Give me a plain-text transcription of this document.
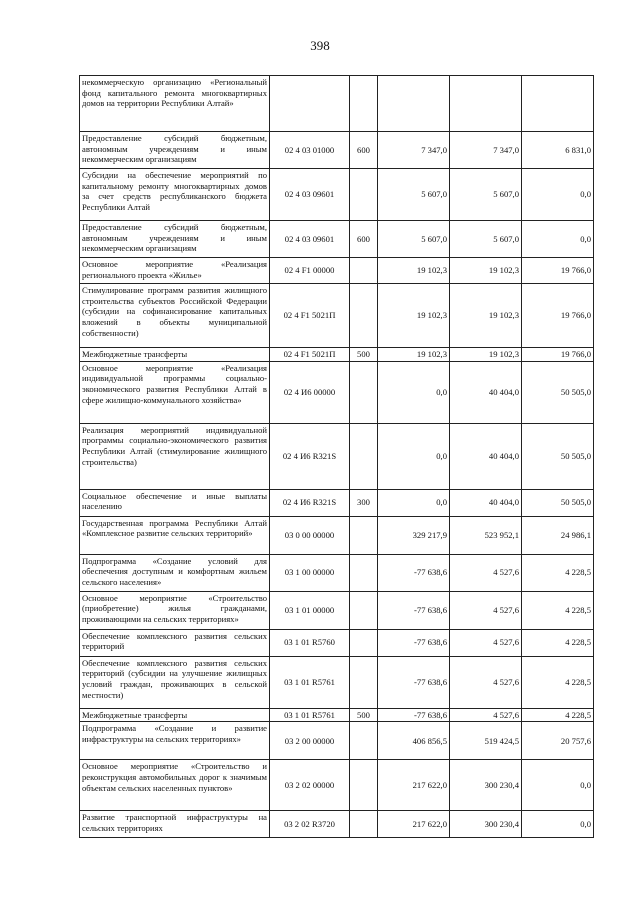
398
некоммерческую организацию «Региональный фонд капитального ремонта многоквартирных домов на территории Республики Алтай»					
Предоставление субсидий бюджетным, автономным учреждениям и иным некоммерческим организациям	02 4 03 01000	600	7 347,0	7 347,0	6 831,0
Субсидии на обеспечение мероприятий по капитальному ремонту многоквартирных домов за счет средств республиканского бюджета Республики Алтай	02 4 03 09601		5 607,0	5 607,0	0,0
Предоставление субсидий бюджетным, автономным учреждениям и иным некоммерческим организациям	02 4 03 09601	600	5 607,0	5 607,0	0,0
Основное мероприятие «Реализация регионального проекта «Жилье»	02 4 F1 00000		19 102,3	19 102,3	19 766,0
Стимулирование программ развития жилищного строительства субъектов Российской Федерации (субсидии на софинансирование капитальных вложений в объекты муниципальной собственности)	02 4 F1 5021П		19 102,3	19 102,3	19 766,0
Межбюджетные трансферты	02 4 F1 5021П	500	19 102,3	19 102,3	19 766,0
Основное мероприятие «Реализация индивидуальной программы социально-экономического развития Республики Алтай в сфере жилищно-коммунального хозяйства»	02 4 И6 00000		0,0	40 404,0	50 505,0
Реализация мероприятий индивидуальной программы социально-экономического развития Республики Алтай (стимулирование жилищного строительства)	02 4 И6 R321S		0,0	40 404,0	50 505,0
Социальное обеспечение и иные выплаты населению	02 4 И6 R321S	300	0,0	40 404,0	50 505,0
Государственная программа Республики Алтай «Комплексное развитие сельских территорий»	03 0 00 00000		329 217,9	523 952,1	24 986,1
Подпрограмма «Создание условий для обеспечения доступным и комфортным жильем сельского населения»	03 1 00 00000		-77 638,6	4 527,6	4 228,5
Основное мероприятие «Строительство (приобретение) жилья гражданами, проживающими на сельских территориях»	03 1 01 00000		-77 638,6	4 527,6	4 228,5
Обеспечение комплексного развития сельских территорий	03 1 01 R5760		-77 638,6	4 527,6	4 228,5
Обеспечение комплексного развития сельских территорий (субсидии на улучшение жилищных условий граждан, проживающих в сельской местности)	03 1 01 R5761		-77 638,6	4 527,6	4 228,5
Межбюджетные трансферты	03 1 01 R5761	500	-77 638,6	4 527,6	4 228,5
Подпрограмма «Создание и развитие инфраструктуры на сельских территориях»	03 2 00 00000		406 856,5	519 424,5	20 757,6
Основное мероприятие «Строительство и реконструкция автомобильных дорог к значимым объектам сельских населенных пунктов»	03 2 02 00000		217 622,0	300 230,4	0,0
Развитие транспортной инфраструктуры на сельских территориях	03 2 02 R3720		217 622,0	300 230,4	0,0
